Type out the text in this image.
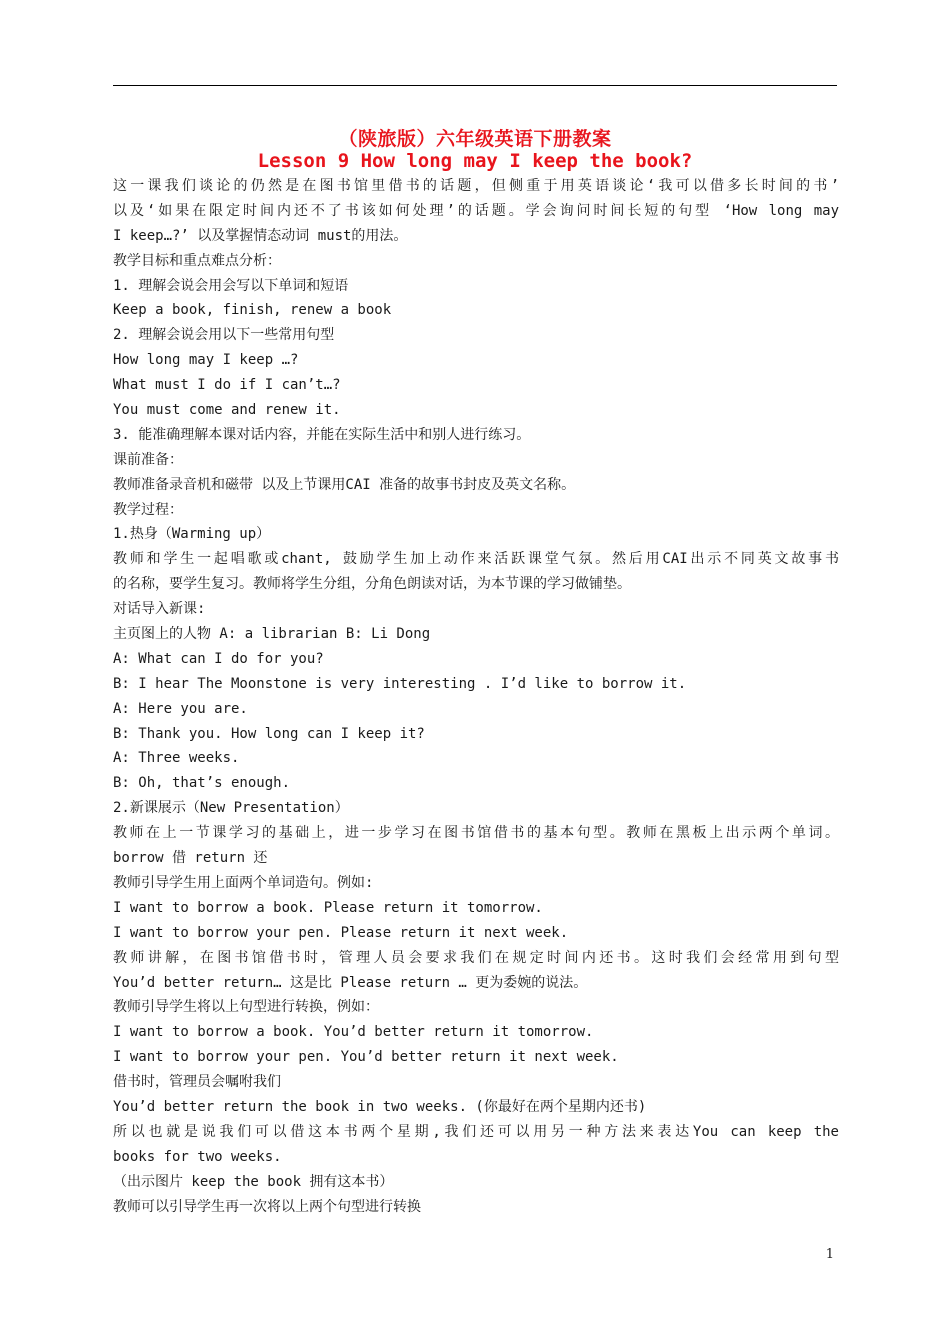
（陕旅版）六年级英语下册教案
Lesson 9 How long may I keep the book?
这一课我们谈论的仍然是在图书馆里借书的话题，但侧重于用英语谈论‘我可以借多长时间的书’
以及‘如果在限定时间内还不了书该如何处理’的话题。学会询问时间长短的句型 ‘How long may
I keep…?’ 以及掌握情态动词 must的用法。
教学目标和重点难点分析：
1. 理解会说会用会写以下单词和短语
Keep a book, finish, renew a book
2. 理解会说会用以下一些常用句型
How long may I keep …?
What must I do if I can’t…?
You must come and renew it.
3. 能准确理解本课对话内容，并能在实际生活中和别人进行练习。
课前准备：
教师准备录音机和磁带 以及上节课用CAI 准备的故事书封皮及英文名称。
教学过程：
1.热身（Warming up）
教师和学生一起唱歌或chant, 鼓励学生加上动作来活跃课堂气氛。然后用CAI出示不同英文故事书
的名称，要学生复习。教师将学生分组，分角色朗读对话，为本节课的学习做铺垫。
对话导入新课:
主页图上的人物 A: a librarian B: Li Dong
A: What can I do for you?
B: I hear The Moonstone is very interesting . I’d like to borrow it.
A: Here you are.
B: Thank you. How long can I keep it?
A: Three weeks.
B: Oh, that’s enough.
2.新课展示（New Presentation）
教师在上一节课学习的基础上，进一步学习在图书馆借书的基本句型。教师在黑板上出示两个单词。
borrow 借 return 还
教师引导学生用上面两个单词造句。例如:
I want to borrow a book. Please return it tomorrow.
I want to borrow your pen. Please return it next week.
教师讲解，在图书馆借书时，管理人员会要求我们在规定时间内还书。这时我们会经常用到句型
You’d better return… 这是比 Please return … 更为委婉的说法。
教师引导学生将以上句型进行转换，例如：
I want to borrow a book. You’d better return it tomorrow.
I want to borrow your pen. You’d better return it next week.
借书时，管理员会嘱咐我们
You’d better return the book in two weeks. (你最好在两个星期内还书)
所以也就是说我们可以借这本书两个星期,我们还可以用另一种方法来表达You can keep the
books for two weeks.
（出示图片 keep the book 拥有这本书）
教师可以引导学生再一次将以上两个句型进行转换
1
